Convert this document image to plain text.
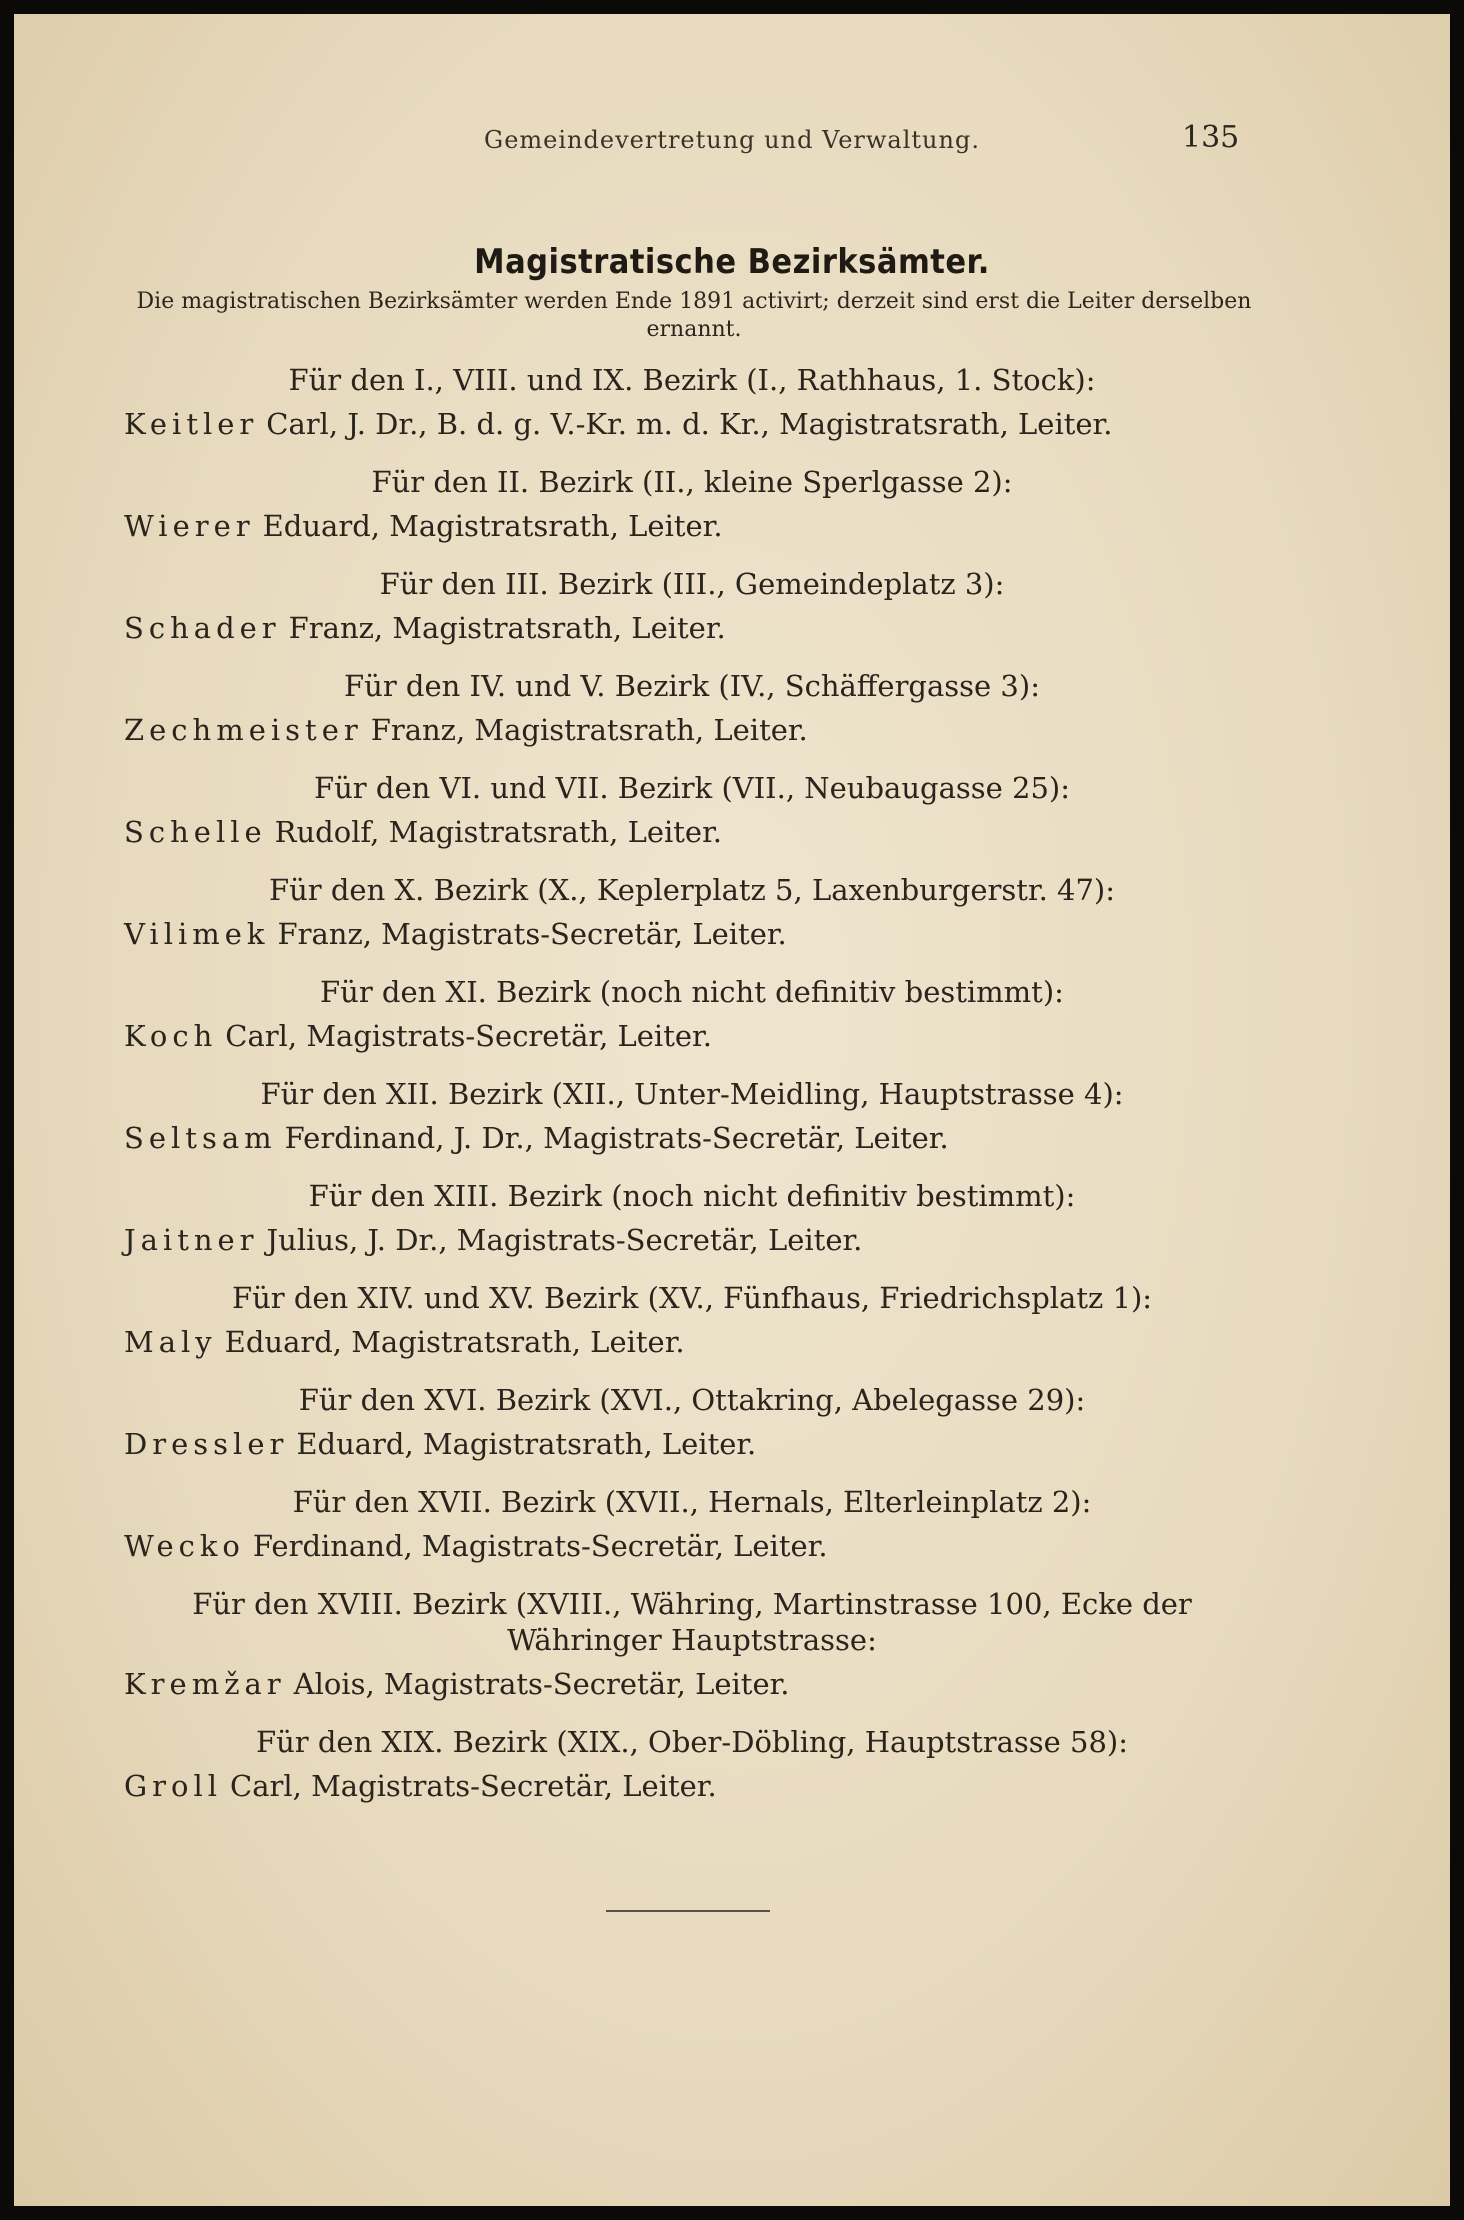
Gemeindevertretung und Verwaltung.	135
Magistratische Bezirksämter.
Die magistratischen Bezirksämter werden Ende 1891 activirt; derzeit sind erst die Leiter derselben ernannt.
Für den I., VIII. und IX. Bezirk (I., Rathhaus, 1. Stock):
Keitler Carl, J. Dr., B. d. g. V.-Kr. m. d. Kr., Magistratsrath, Leiter.
Für den II. Bezirk (II., kleine Sperlgasse 2):
Wierer Eduard, Magistratsrath, Leiter.
Für den III. Bezirk (III., Gemeindeplatz 3):
Schader Franz, Magistratsrath, Leiter.
Für den IV. und V. Bezirk (IV., Schäffergasse 3):
Zechmeister Franz, Magistratsrath, Leiter.
Für den VI. und VII. Bezirk (VII., Neubaugasse 25):
Schelle Rudolf, Magistratsrath, Leiter.
Für den X. Bezirk (X., Keplerplatz 5, Laxenburgerstr. 47):
Vilimek Franz, Magistrats-Secretär, Leiter.
Für den XI. Bezirk (noch nicht definitiv bestimmt):
Koch Carl, Magistrats-Secretär, Leiter.
Für den XII. Bezirk (XII., Unter-Meidling, Hauptstrasse 4):
Seltsam Ferdinand, J. Dr., Magistrats-Secretär, Leiter.
Für den XIII. Bezirk (noch nicht definitiv bestimmt):
Jaitner Julius, J. Dr., Magistrats-Secretär, Leiter.
Für den XIV. und XV. Bezirk (XV., Fünfhaus, Friedrichsplatz 1):
Maly Eduard, Magistratsrath, Leiter.
Für den XVI. Bezirk (XVI., Ottakring, Abelegasse 29):
Dressler Eduard, Magistratsrath, Leiter.
Für den XVII. Bezirk (XVII., Hernals, Elterleinplatz 2):
Wecko Ferdinand, Magistrats-Secretär, Leiter.
Für den XVIII. Bezirk (XVIII., Währing, Martinstrasse 100, Ecke der Währinger Hauptstrasse:
Kremžar Alois, Magistrats-Secretär, Leiter.
Für den XIX. Bezirk (XIX., Ober-Döbling, Hauptstrasse 58):
Groll Carl, Magistrats-Secretär, Leiter.
